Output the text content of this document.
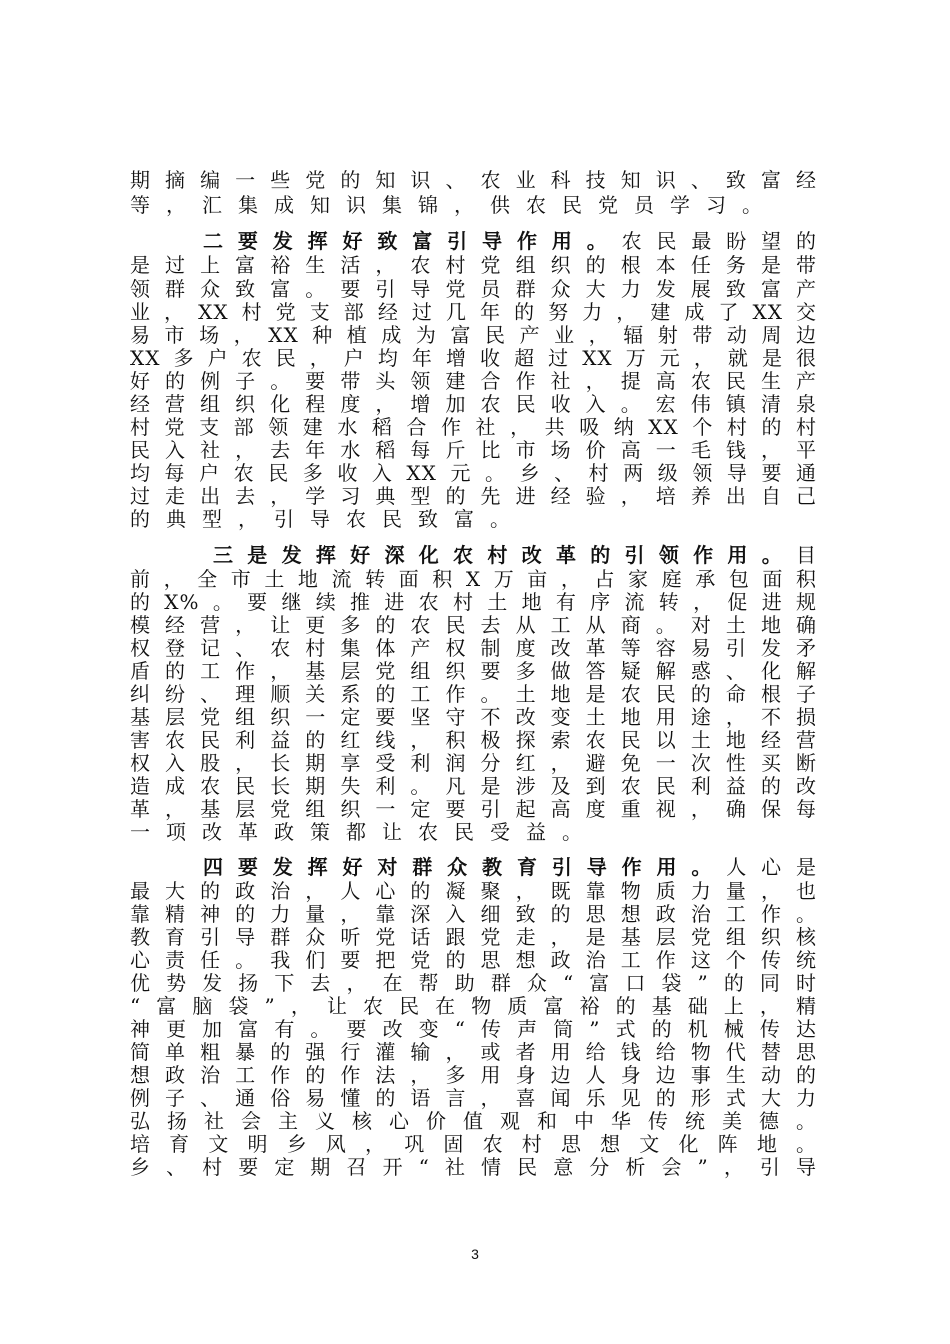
期摘编一些党的知识、农业科技知识、致富经
等，汇集成知识集锦，供农民党员学习。
二要发挥好致富引导作用。农民最盼望的
是过上富裕生活，农村党组织的根本任务是带
领群众致富。要引导党员群众大力发展致富产
业，XX村党支部经过几年的努力，建成了XX交
易市场，XX种植成为富民产业，辐射带动周边
XX多户农民，户均年增收超过XX万元，就是很
好的例子。要带头领建合作社，提高农民生产
经营组织化程度，增加农民收入。宏伟镇清泉
村党支部领建水稻合作社，共吸纳XX个村的村
民入社，去年水稻每斤比市场价高一毛钱，平
均每户农民多收入XX元。乡、村两级领导要通
过走出去，学习典型的先进经验，培养出自己
的典型，引导农民致富。
三是发挥好深化农村改革的引领作用。目
前，全市土地流转面积X万亩，占家庭承包面积
的X%。要继续推进农村土地有序流转，促进规
模经营，让更多的农民去从工从商。对土地确
权登记、农村集体产权制度改革等容易引发矛
盾的工作，基层党组织要多做答疑解惑、化解
纠纷、理顺关系的工作。土地是农民的命根子
基层党组织一定要坚守不改变土地用途，不损
害农民利益的红线，积极探索农民以土地经营
权入股，长期享受利润分红，避免一次性买断
造成农民长期失利。凡是涉及到农民利益的改
革，基层党组织一定要引起高度重视，确保每
一项改革政策都让农民受益。
四要发挥好对群众教育引导作用。人心是
最大的政治，人心的凝聚，既靠物质力量，也
靠精神的力量，靠深入细致的思想政治工作。
教育引导群众听党话跟党走，是基层党组织核
心责任。我们要把党的思想政治工作这个传统
优势发扬下去，在帮助群众“富口袋”的同时
“富脑袋”，让农民在物质富裕的基础上，精
神更加富有。要改变“传声筒”式的机械传达
简单粗暴的强行灌输，或者用给钱给物代替思
想政治工作的作法，多用身边人身边事生动的
例子、通俗易懂的语言，喜闻乐见的形式大力
弘扬社会主义核心价值观和中华传统美德。
培育文明乡风，巩固农村思想文化阵地。
乡、村要定期召开“社情民意分析会”，引导
3
